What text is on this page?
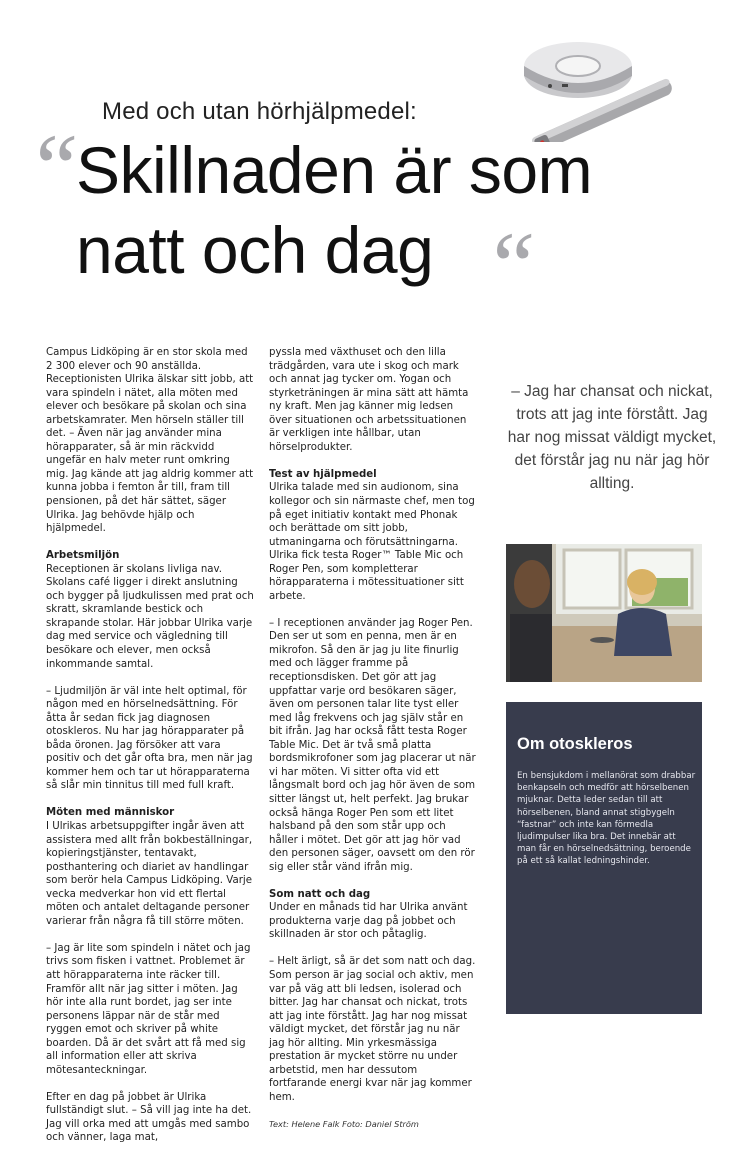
Med och utan hörhjälpmedel:
“
Skillnaden är som
natt och dag “

Campus Lidköping är en stor skola med 2 300 elever och 90 anställda. Receptionisten Ulrika älskar sitt jobb, att vara spindeln i nätet, alla möten med elever och besökare på skolan och sina arbetskamrater. Men hörseln ställer till det. – Även när jag använder mina hörapparater, så är min räckvidd ungefär en halv meter runt omkring mig. Jag kände att jag aldrig kommer att kunna jobba i femton år till, fram till pensionen, på det här sättet, säger Ulrika. Jag behövde hjälp och hjälpmedel.

Arbetsmiljön

Receptionen är skolans livliga nav. Skolans café ligger i direkt anslutning och bygger på ljudkulissen med prat och skratt, skramlande bestick och skrapande stolar. Här jobbar Ulrika varje dag med service och vägledning till besökare och elever, men också inkommande samtal.

– Ljudmiljön är väl inte helt optimal, för någon med en hörselnedsättning. För åtta år sedan fick jag diagnosen otoskleros. Nu har jag hörapparater på båda öronen. Jag försöker att vara positiv och det går ofta bra, men när jag kommer hem och tar ut hörapparaterna så slår min tinnitus till med full kraft.

Möten med människor

I Ulrikas arbetsuppgifter ingår även att assistera med allt från bokbeställningar, kopieringstjänster, tentavakt, posthantering och diariet av handlingar som berör hela Campus Lidköping. Varje vecka medverkar hon vid ett flertal möten och antalet deltagande personer varierar från några få till större möten.

– Jag är lite som spindeln i nätet och jag trivs som fisken i vattnet. Problemet är att hörapparaterna inte räcker till. Framför allt när jag sitter i möten. Jag hör inte alla runt bordet, jag ser inte personens läppar när de står med ryggen emot och skriver på white boarden. Då är det svårt att få med sig all information eller att skriva mötesanteckningar.

Efter en dag på jobbet är Ulrika fullständigt slut. – Så vill jag inte ha det. Jag vill orka med att umgås med sambo och vänner, laga mat,

pyssla med växthuset och den lilla trädgården, vara ute i skog och mark och annat jag tycker om. Yogan och styrketräningen är mina sätt att hämta ny kraft. Men jag känner mig ledsen över situationen och arbetssituationen är verkligen inte hållbar, utan hörselprodukter.

Test av hjälpmedel

Ulrika talade med sin audionom, sina kollegor och sin närmaste chef, men tog på eget initiativ kontakt med Phonak och berättade om sitt jobb, utmaningarna och förutsättningarna. Ulrika fick testa Roger™ Table Mic och Roger Pen, som kompletterar hörapparaterna i mötessituationer sitt arbete.

– I receptionen använder jag Roger Pen. Den ser ut som en penna, men är en mikrofon. Så den är jag ju lite finurlig med och lägger framme på receptionsdisken. Det gör att jag uppfattar varje ord besökaren säger, även om personen talar lite tyst eller med låg frekvens och jag själv står en bit ifrån. Jag har också fått testa Roger Table Mic. Det är två små platta bordsmikrofoner som jag placerar ut när vi har möten. Vi sitter ofta vid ett långsmalt bord och jag hör även de som sitter längst ut, helt perfekt. Jag brukar också hänga Roger Pen som ett litet halsband på den som står upp och håller i mötet. Det gör att jag hör vad den personen säger, oavsett om den rör sig eller står vänd ifrån mig.

Som natt och dag

Under en månads tid har Ulrika använt produkterna varje dag på jobbet och skillnaden är stor och påtaglig.

– Helt ärligt, så är det som natt och dag. Som person är jag social och aktiv, men var på väg att bli ledsen, isolerad och bitter. Jag har chansat och nickat, trots att jag inte förstått. Jag har nog missat väldigt mycket, det förstår jag nu när jag hör allting. Min yrkesmässiga prestation är mycket större nu under arbetstid, men har dessutom fortfarande energi kvar när jag kommer hem.

Text: Helene Falk Foto: Daniel Ström

– Jag har chansat och nickat, trots att jag inte förstått. Jag har nog missat väldigt mycket, det förstår jag nu när jag hör allting.
Om otoskleros
En bensjukdom i mellanörat som drabbar benkapseln och medför att hörselbenen mjuknar. Detta leder sedan till att hörselbenen, bland annat stigbygeln “fastnar” och inte kan förmedla ljudimpulser lika bra. Det innebär att man får en hörselnedsättning, beroende på ett så kallat ledningshinder.
